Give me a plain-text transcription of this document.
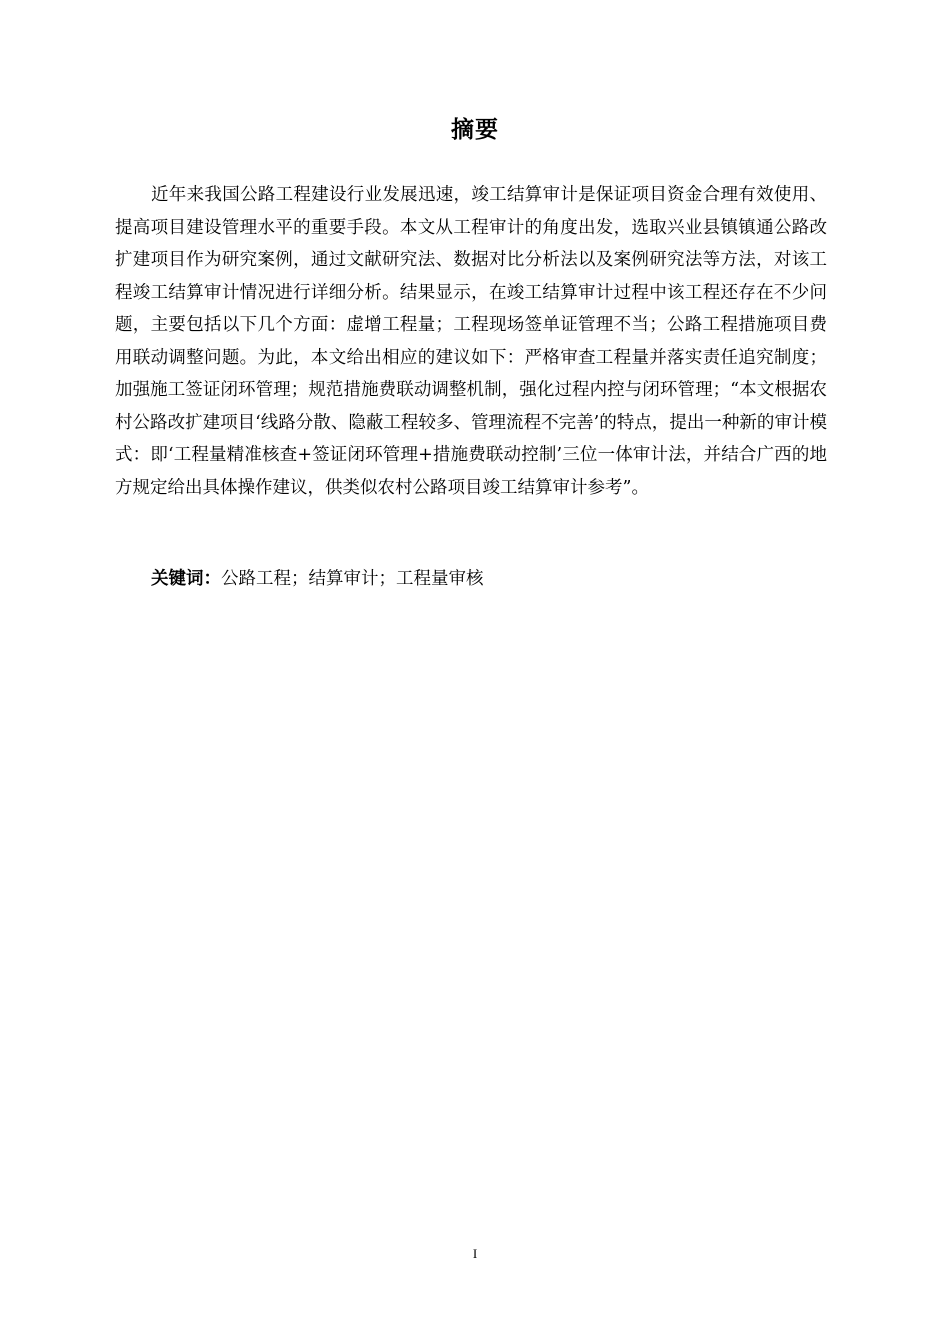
摘要

近年来我国公路工程建设行业发展迅速，竣工结算审计是保证项目资金合理有效使用、提高项目建设管理水平的重要手段。本文从工程审计的角度出发，选取兴业县镇镇通公路改扩建项目作为研究案例，通过文献研究法、数据对比分析法以及案例研究法等方法，对该工程竣工结算审计情况进行详细分析。结果显示，在竣工结算审计过程中该工程还存在不少问题，主要包括以下几个方面：虚增工程量；工程现场签单证管理不当；公路工程措施项目费用联动调整问题。为此，本文给出相应的建议如下：严格审查工程量并落实责任追究制度；加强施工签证闭环管理；规范措施费联动调整机制，强化过程内控与闭环管理；“本文根据农村公路改扩建项目‘线路分散、隐蔽工程较多、管理流程不完善’的特点，提出一种新的审计模式：即‘工程量精准核查+签证闭环管理+措施费联动控制’三位一体审计法，并结合广西的地方规定给出具体操作建议，供类似农村公路项目竣工结算审计参考”。

关键词：公路工程；结算审计；工程量审核
I
